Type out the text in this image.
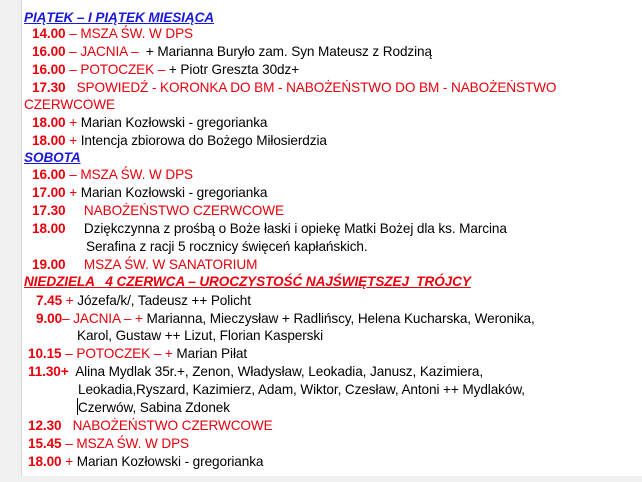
PIĄTEK – I PIĄTEK MIESIĄCA
14.00 – MSZA ŚW. W DPS
16.00 – JACNIA –  + Marianna Buryło zam. Syn Mateusz z Rodziną
16.00 – POTOCZEK – + Piotr Greszta 30dz+
17.30 SPOWIEDŹ - KORONKA DO BM - NABOŻEŃSTWO DO BM - NABOŻEŃSTWO
CZERWCOWE
18.00 + Marian Kozłowski - gregorianka
18.00 + Intencja zbiorowa do Bożego Miłosierdzia
SOBOTA
16.00 – MSZA ŚW. W DPS
17.00 + Marian Kozłowski - gregorianka
17.30 NABOŻEŃSTWO CZERWCOWE
18.00 Dziękczynna z prośbą o Boże łaski i opiekę Matki Bożej dla ks. Marcina
Serafina z racji 5 rocznicy święceń kapłańskich.
19.00 MSZA ŚW. W SANATORIUM
NIEDZIELA   4 CZERWCA – UROCZYSTOŚĆ NAJŚWIĘTSZEJ  TRÓJCY
7.45 + Józefa/k/, Tadeusz ++ Policht
9.00– JACNIA – + Marianna, Mieczysław + Radlińscy, Helena Kucharska, Weronika,
Karol, Gustaw ++ Lizut, Florian Kasperski
10.15 – POTOCZEK – + Marian Piłat
11.30+ Alina Mydlak 35r.+, Zenon, Władysław, Leokadia, Janusz, Kazimiera,
Leokadia,Ryszard, Kazimierz, Adam, Wiktor, Czesław, Antoni ++ Mydlaków,
Czerwów, Sabina Zdonek
12.30 NABOŻEŃSTWO CZERWCOWE
15.45 – MSZA ŚW. W DPS
18.00 + Marian Kozłowski - gregorianka
